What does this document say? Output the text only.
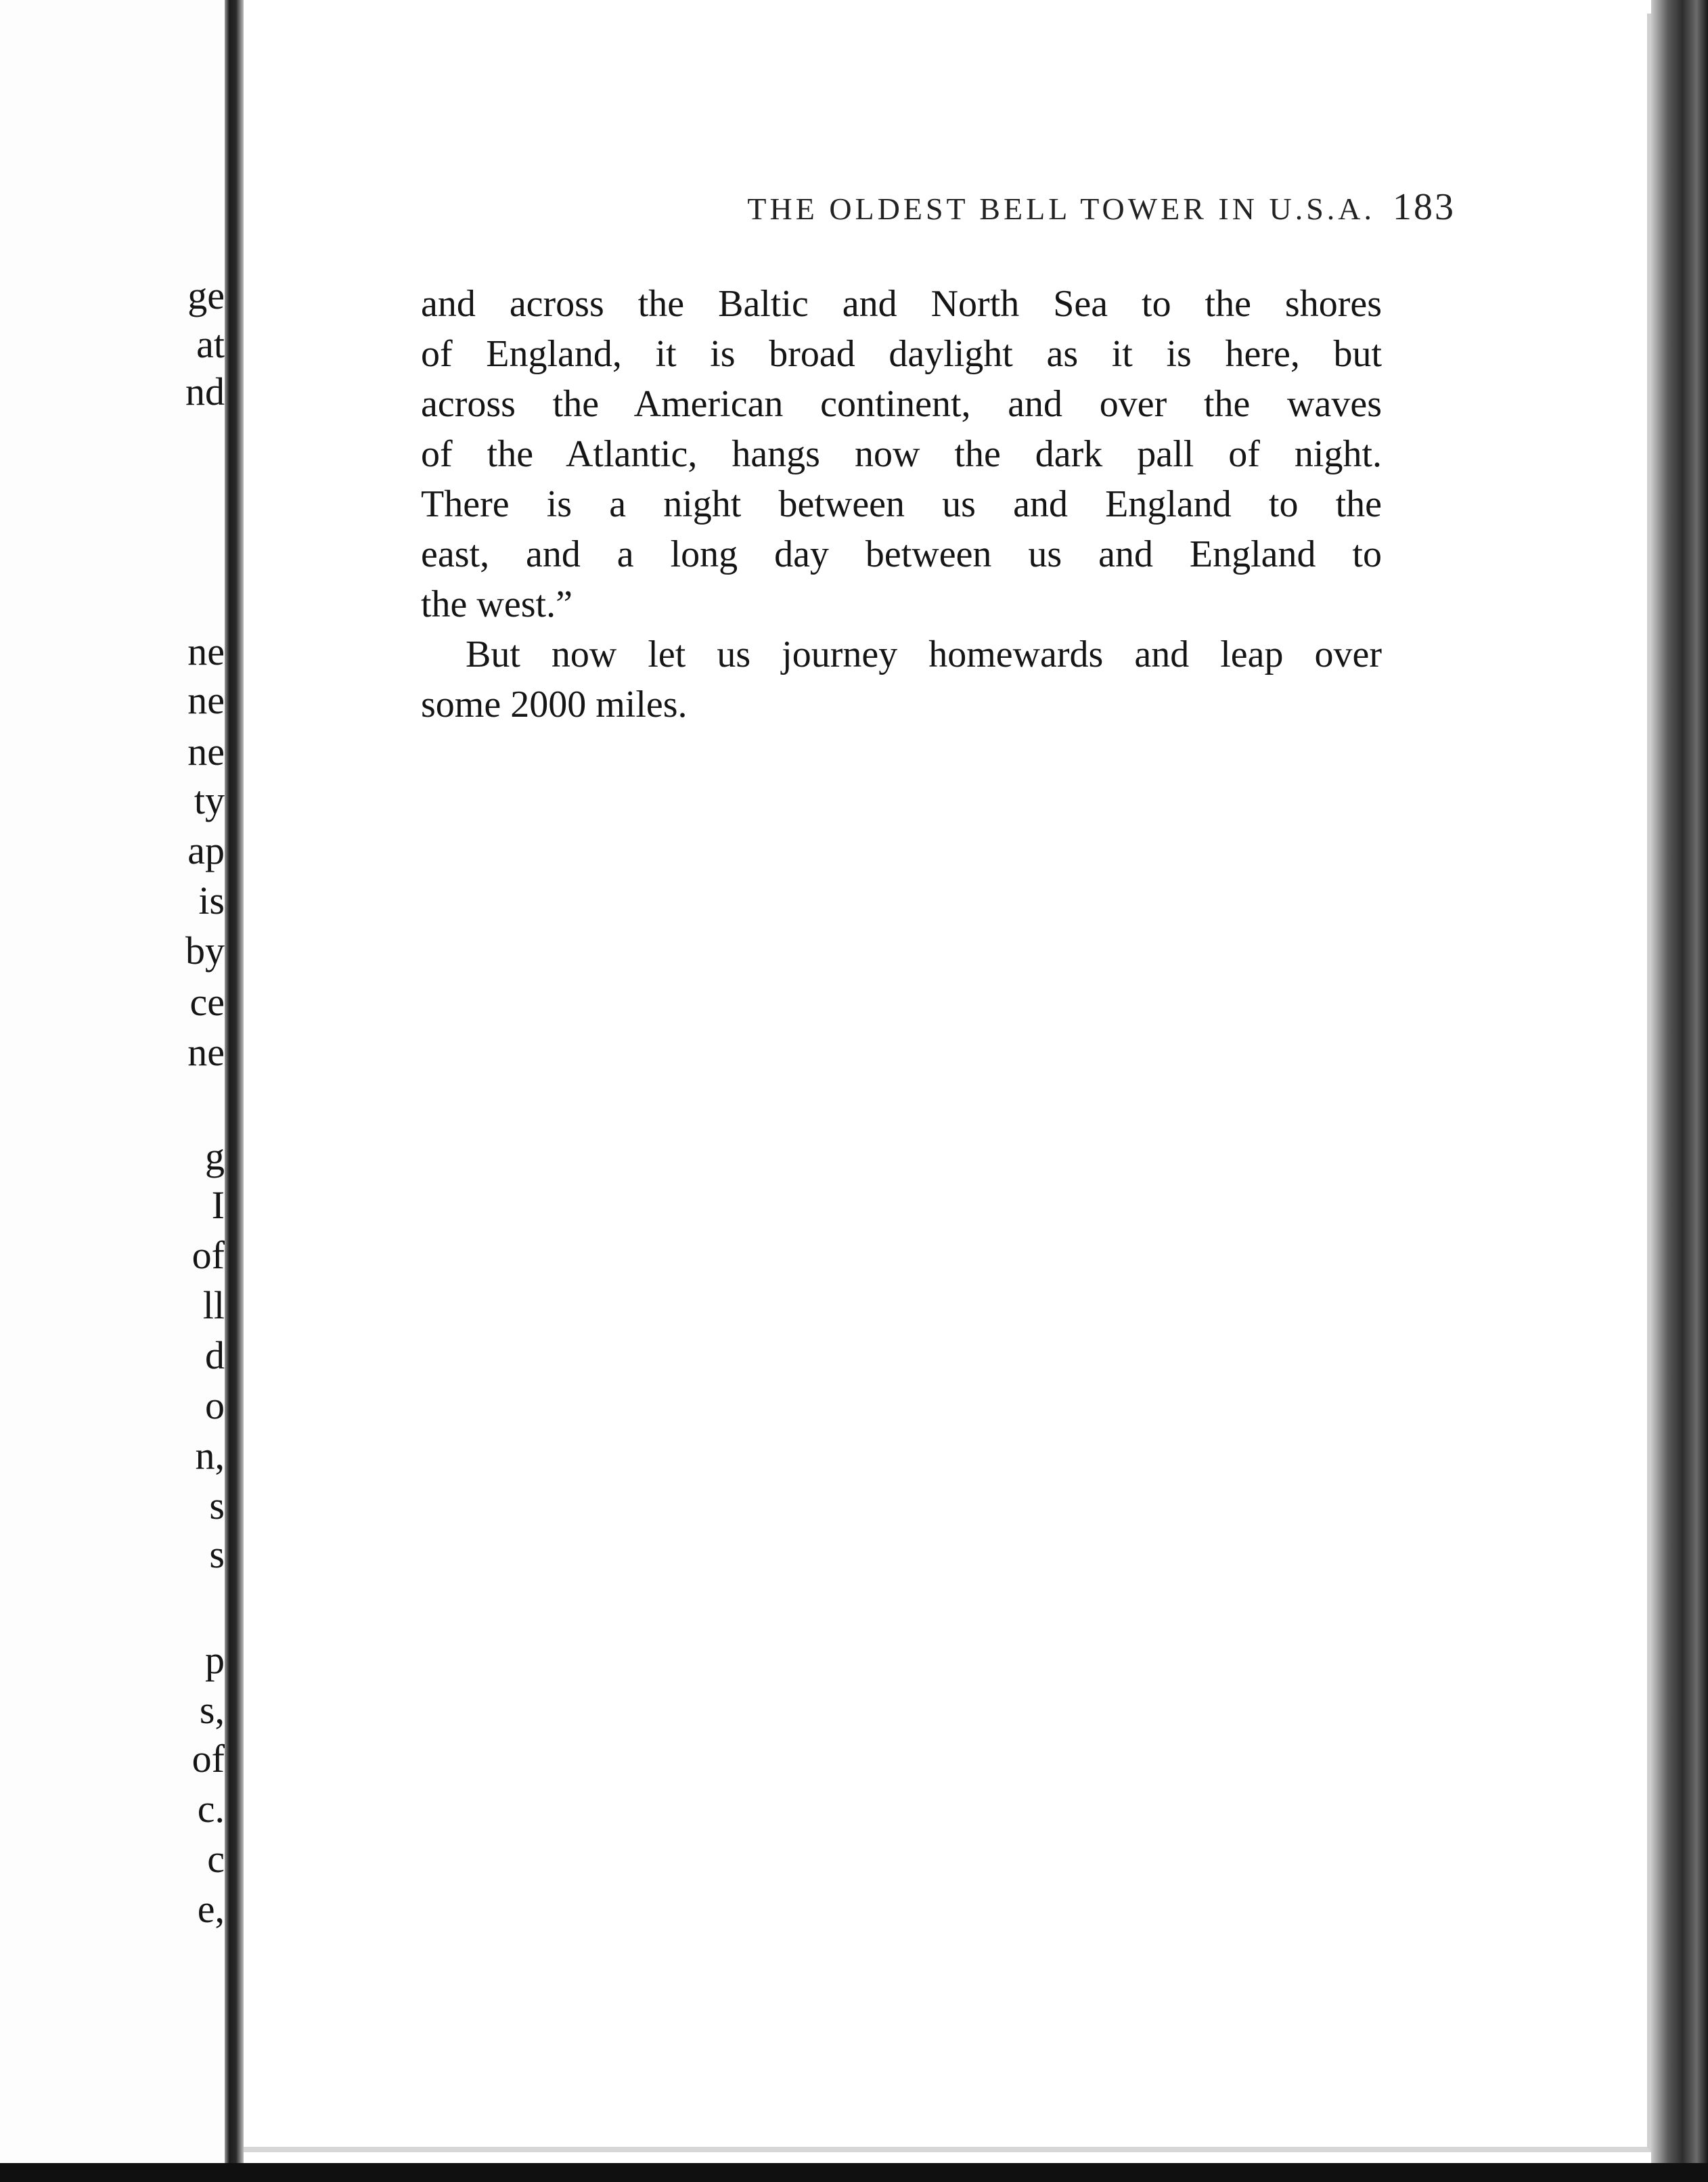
ge
at
nd
ne
ne
ne
ty
ap
is
by
ce
ne
g
I
of
ll
d
o
n,
s
s
p
s,
of
c.
c
e,
THE OLDEST BELL TOWER IN U.S.A. 183
and across the Baltic and North Sea to the shores
of England, it is broad daylight as it is here, but
across the American continent, and over the waves
of the Atlantic, hangs now the dark pall of night.
There is a night between us and England to the
east, and a long day between us and England to
the west.”
But now let us journey homewards and leap over
some 2000 miles.
